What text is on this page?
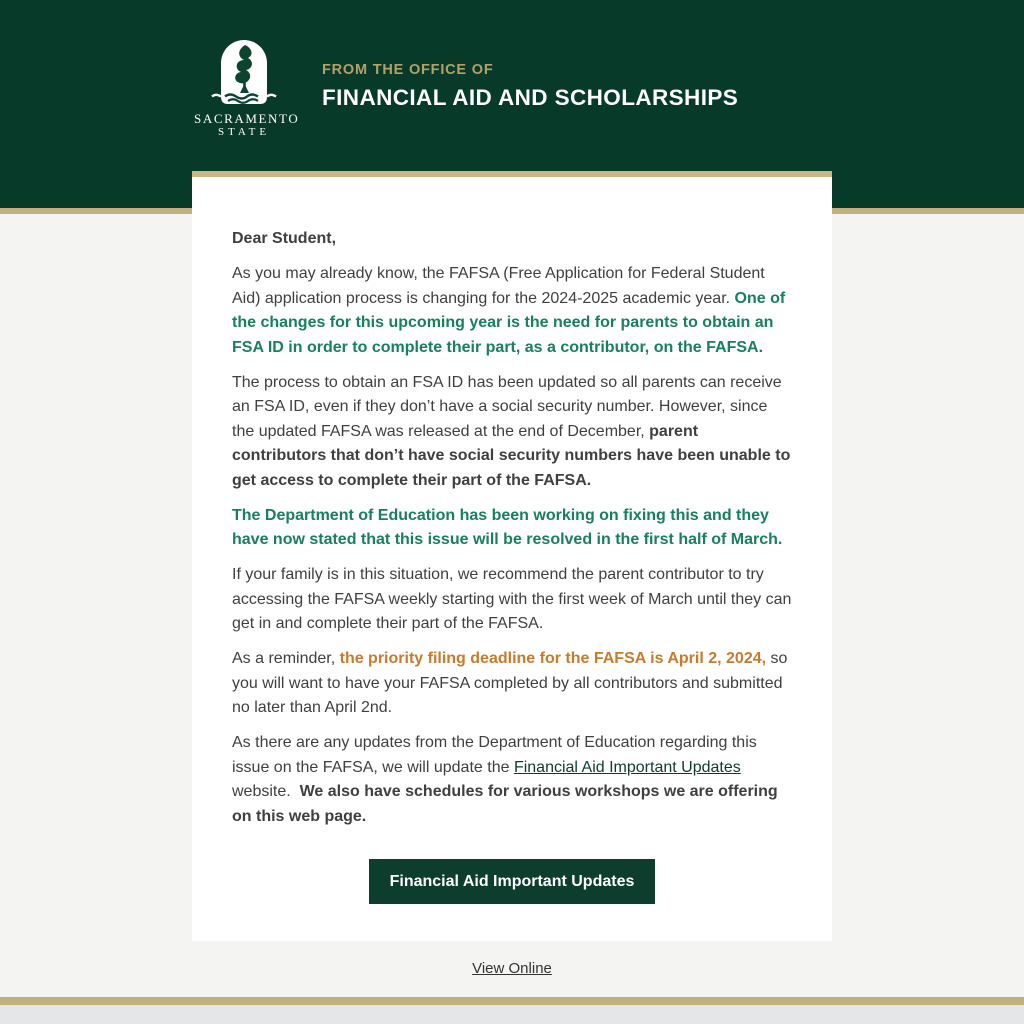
SACRAMENTO
STATE
FROM THE OFFICE OF
FINANCIAL AID AND SCHOLARSHIPS

Dear Student,

As you may already know, the FAFSA (Free Application for Federal Student Aid) application process is changing for the 2024-2025 academic year. One of the changes for this upcoming year is the need for parents to obtain an FSA ID in order to complete their part, as a contributor, on the FAFSA.

The process to obtain an FSA ID has been updated so all parents can receive an FSA ID, even if they don’t have a social security number. However, since the updated FAFSA was released at the end of December, parent contributors that don’t have social security numbers have been unable to get access to complete their part of the FAFSA.

The Department of Education has been working on fixing this and they have now stated that this issue will be resolved in the first half of March.

If your family is in this situation, we recommend the parent contributor to try accessing the FAFSA weekly starting with the first week of March until they can get in and complete their part of the FAFSA.

As a reminder, the priority filing deadline for the FAFSA is April 2, 2024, so you will want to have your FAFSA completed by all contributors and submitted no later than April 2nd.

As there are any updates from the Department of Education regarding this issue on the FAFSA, we will update the Financial Aid Important Updates website.  We also have schedules for various workshops we are offering on this web page.

Financial Aid Important Updates
View Online
